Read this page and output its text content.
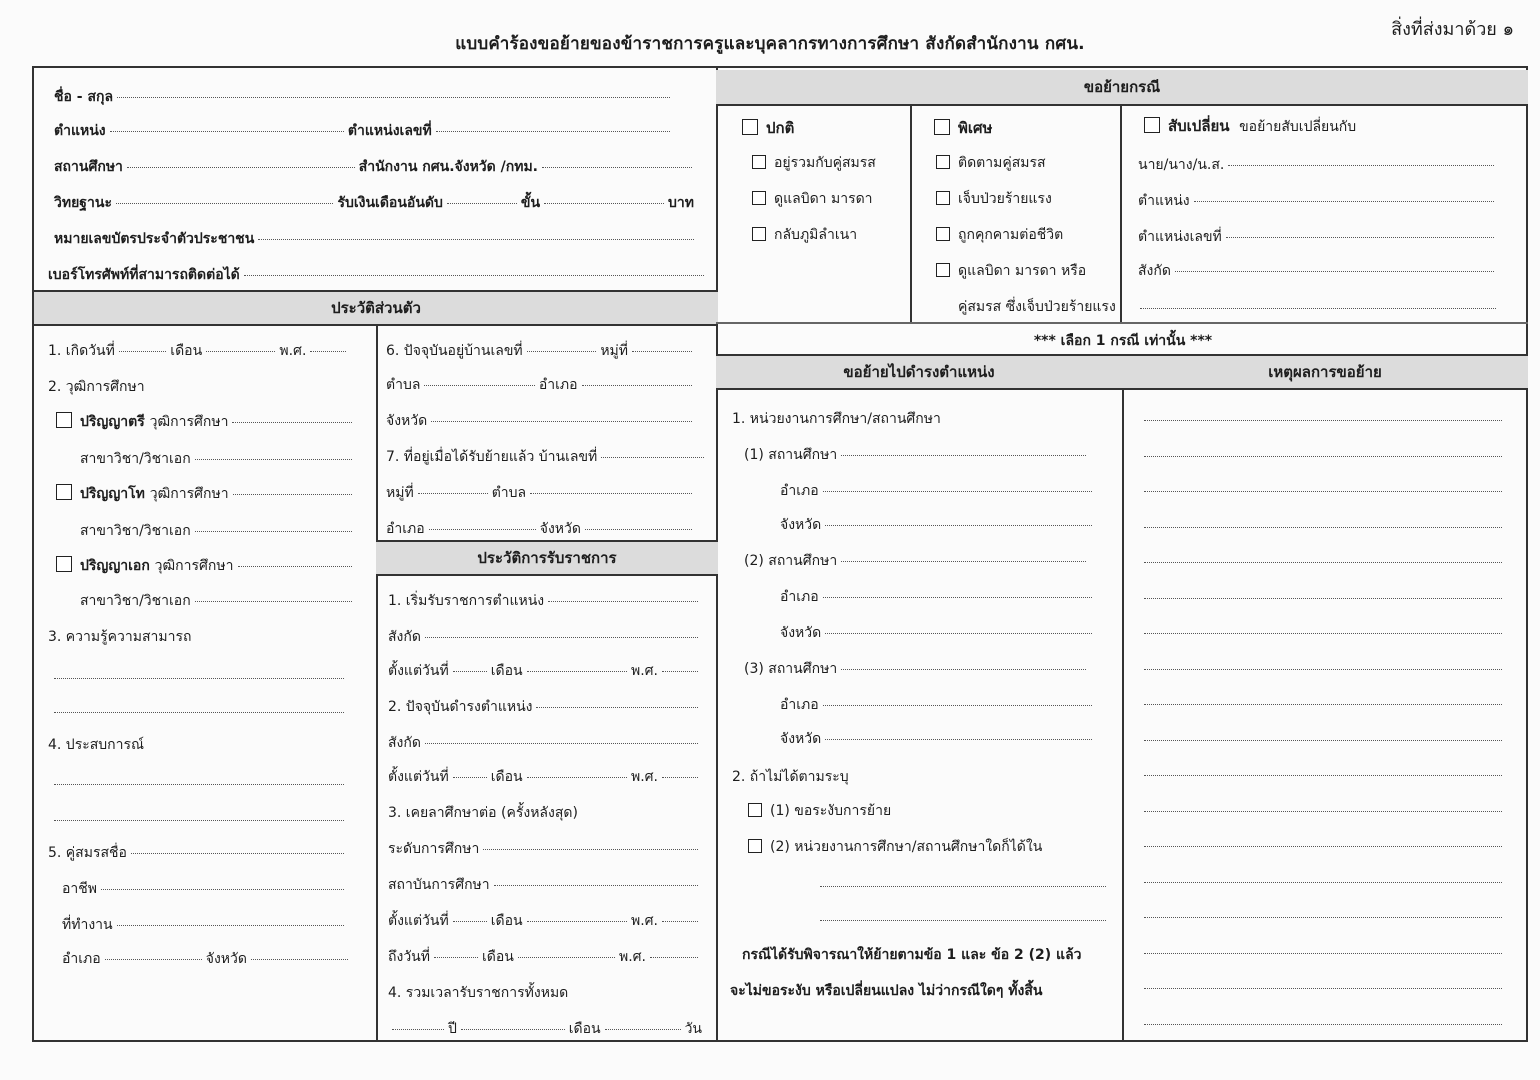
แบบคำร้องขอย้ายของข้าราชการครูและบุคลากรทางการศึกษา สังกัดสำนักงาน กศน.
สิ่งที่ส่งมาด้วย ๑
ชื่อ - สกุล
ตำแหน่ง	ตำแหน่งเลขที่
สถานศึกษา	สำนักงาน กศน.จังหวัด /กทม.
วิทยฐานะ	รับเงินเดือนอันดับ	ขั้น	บาท
หมายเลขบัตรประจำตัวประชาชน
เบอร์โทรศัพท์ที่สามารถติดต่อได้
ประวัติส่วนตัว
1. เกิดวันที่	เดือน	พ.ศ.
2. วุฒิการศึกษา
ปริญญาตรี
วุฒิการศึกษา
สาขาวิชา/วิชาเอก
ปริญญาโท
วุฒิการศึกษา
สาขาวิชา/วิชาเอก
ปริญญาเอก
วุฒิการศึกษา
สาขาวิชา/วิชาเอก
3. ความรู้ความสามารถ
4. ประสบการณ์
5. คู่สมรสชื่อ
อาชีพ
ที่ทำงาน
อำเภอ	จังหวัด
6. ปัจจุบันอยู่บ้านเลขที่	หมู่ที่
ตำบล	อำเภอ
จังหวัด
7. ที่อยู่เมื่อได้รับย้ายแล้ว บ้านเลขที่
หมู่ที่	ตำบล
อำเภอ	จังหวัด
ประวัติการรับราชการ
1. เริ่มรับราชการตำแหน่ง
สังกัด
ตั้งแต่วันที่	เดือน	พ.ศ.
2. ปัจจุบันดำรงตำแหน่ง
สังกัด
ตั้งแต่วันที่	เดือน	พ.ศ.
3. เคยลาศึกษาต่อ (ครั้งหลังสุด)
ระดับการศึกษา
สถาบันการศึกษา
ตั้งแต่วันที่	เดือน	พ.ศ.
ถึงวันที่	เดือน	พ.ศ.
4. รวมเวลารับราชการทั้งหมด
ปี	เดือน	วัน
ขอย้ายกรณี
ปกติ
อยู่รวมกับคู่สมรส
ดูแลบิดา มารดา
กลับภูมิลำเนา
พิเศษ
ติดตามคู่สมรส
เจ็บป่วยร้ายแรง
ถูกคุกคามต่อชีวิต
ดูแลบิดา มารดา หรือ
คู่สมรส ซึ่งเจ็บป่วยร้ายแรง
สับเปลี่ยน
ขอย้ายสับเปลี่ยนกับ
นาย/นาง/น.ส.
ตำแหน่ง
ตำแหน่งเลขที่
สังกัด
*** เลือก 1 กรณี เท่านั้น ***
ขอย้ายไปดำรงตำแหน่ง	เหตุผลการขอย้าย
1. หน่วยงานการศึกษา/สถานศึกษา
(1) สถานศึกษา
อำเภอ
จังหวัด
(2) สถานศึกษา
อำเภอ
จังหวัด
(3) สถานศึกษา
อำเภอ
จังหวัด
2. ถ้าไม่ได้ตามระบุ
(1) ขอระงับการย้าย
(2) หน่วยงานการศึกษา/สถานศึกษาใดก็ได้ใน
กรณีได้รับพิจารณาให้ย้ายตามข้อ 1 และ ข้อ 2 (2) แล้ว
จะไม่ขอระงับ หรือเปลี่ยนแปลง ไม่ว่ากรณีใดๆ ทั้งสิ้น
